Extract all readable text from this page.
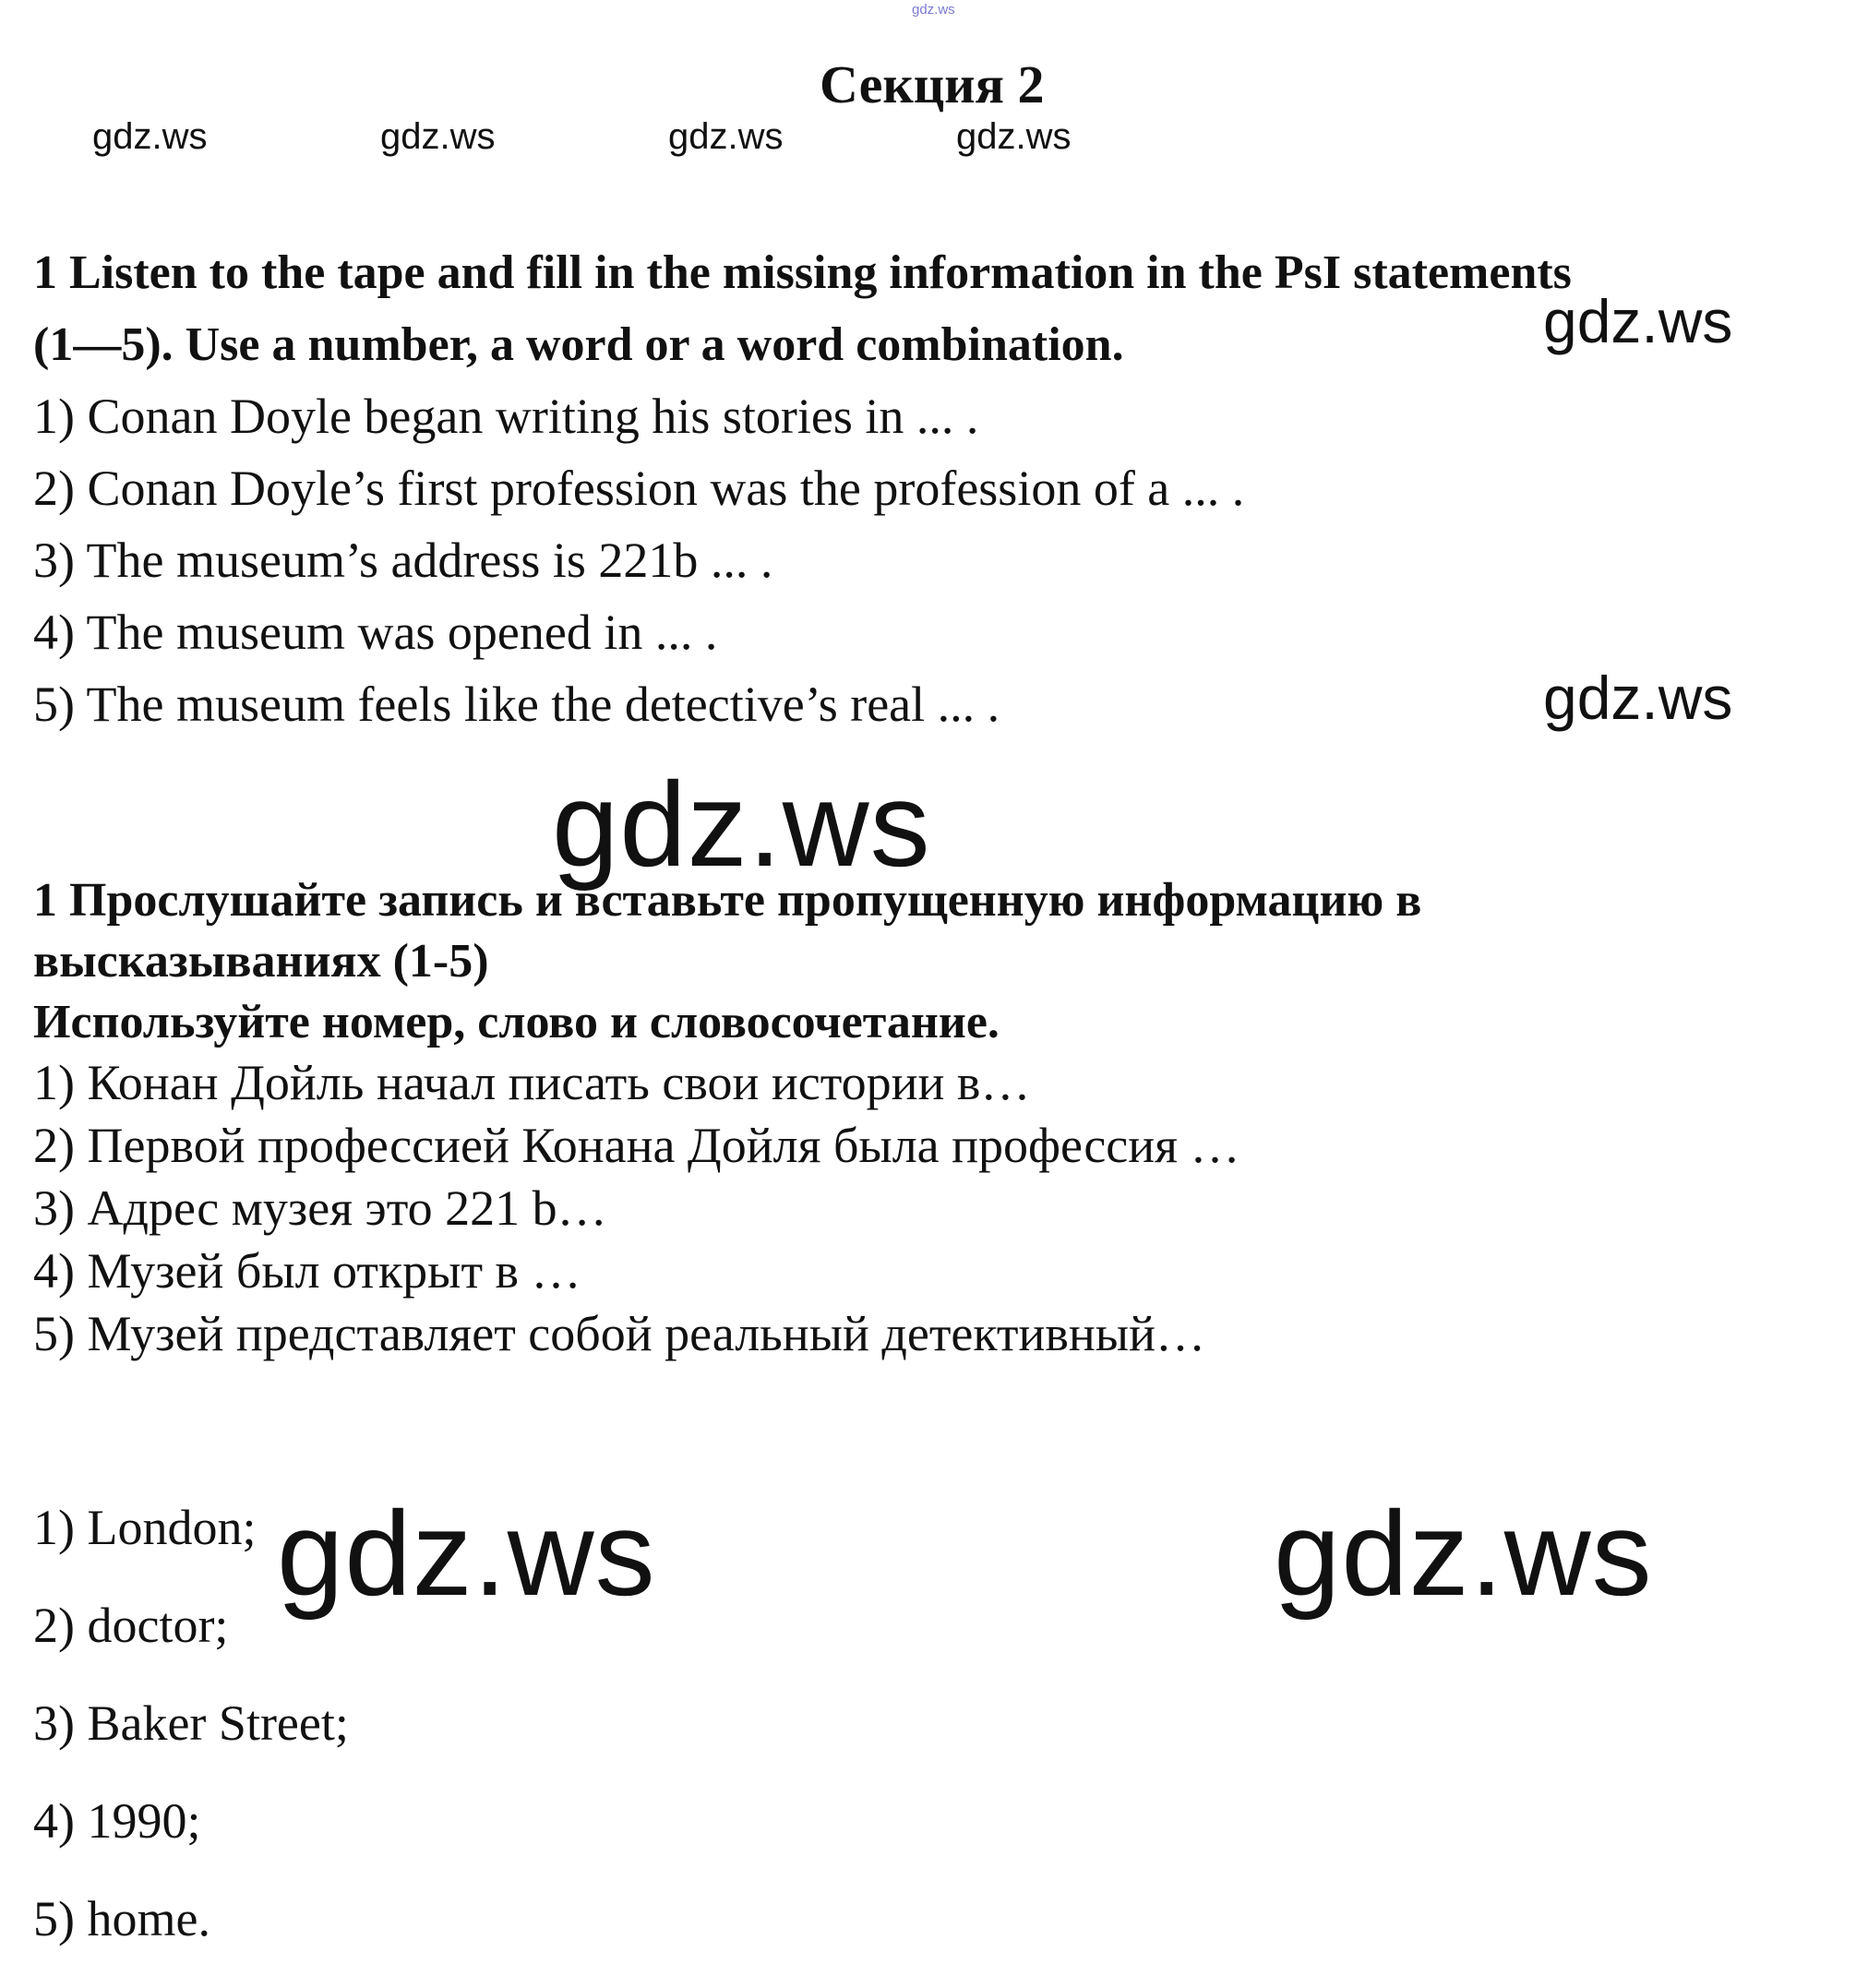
gdz.ws
Секция 2
gdz.ws	gdz.ws	gdz.ws	gdz.ws
1 Listen to the tape and fill in the missing information in the PsI statements
(1—5). Use a number, a word or a word combination.
1) Conan Doyle began writing his stories in ... .
2) Conan Doyle’s first profession was the profession of a ... .
3) The museum’s address is 221b ... .
4) The museum was opened in ... .
5) The museum feels like the detective’s real ... .
gdz.ws
gdz.ws
gdz.ws
1 Прослушайте запись и вставьте пропущенную информацию в
высказываниях (1-5)
Используйте номер, слово и словосочетание.
1) Конан Дойль начал писать свои истории в…
2) Первой профессией Конана Дойля была профессия …
3) Адрес музея это 221 b…
4) Музей был открыт в …
5) Музей представляет собой реальный детективный…
1) London;
2) doctor;
3) Baker Street;
4) 1990;
5) home.
gdz.ws	gdz.ws
